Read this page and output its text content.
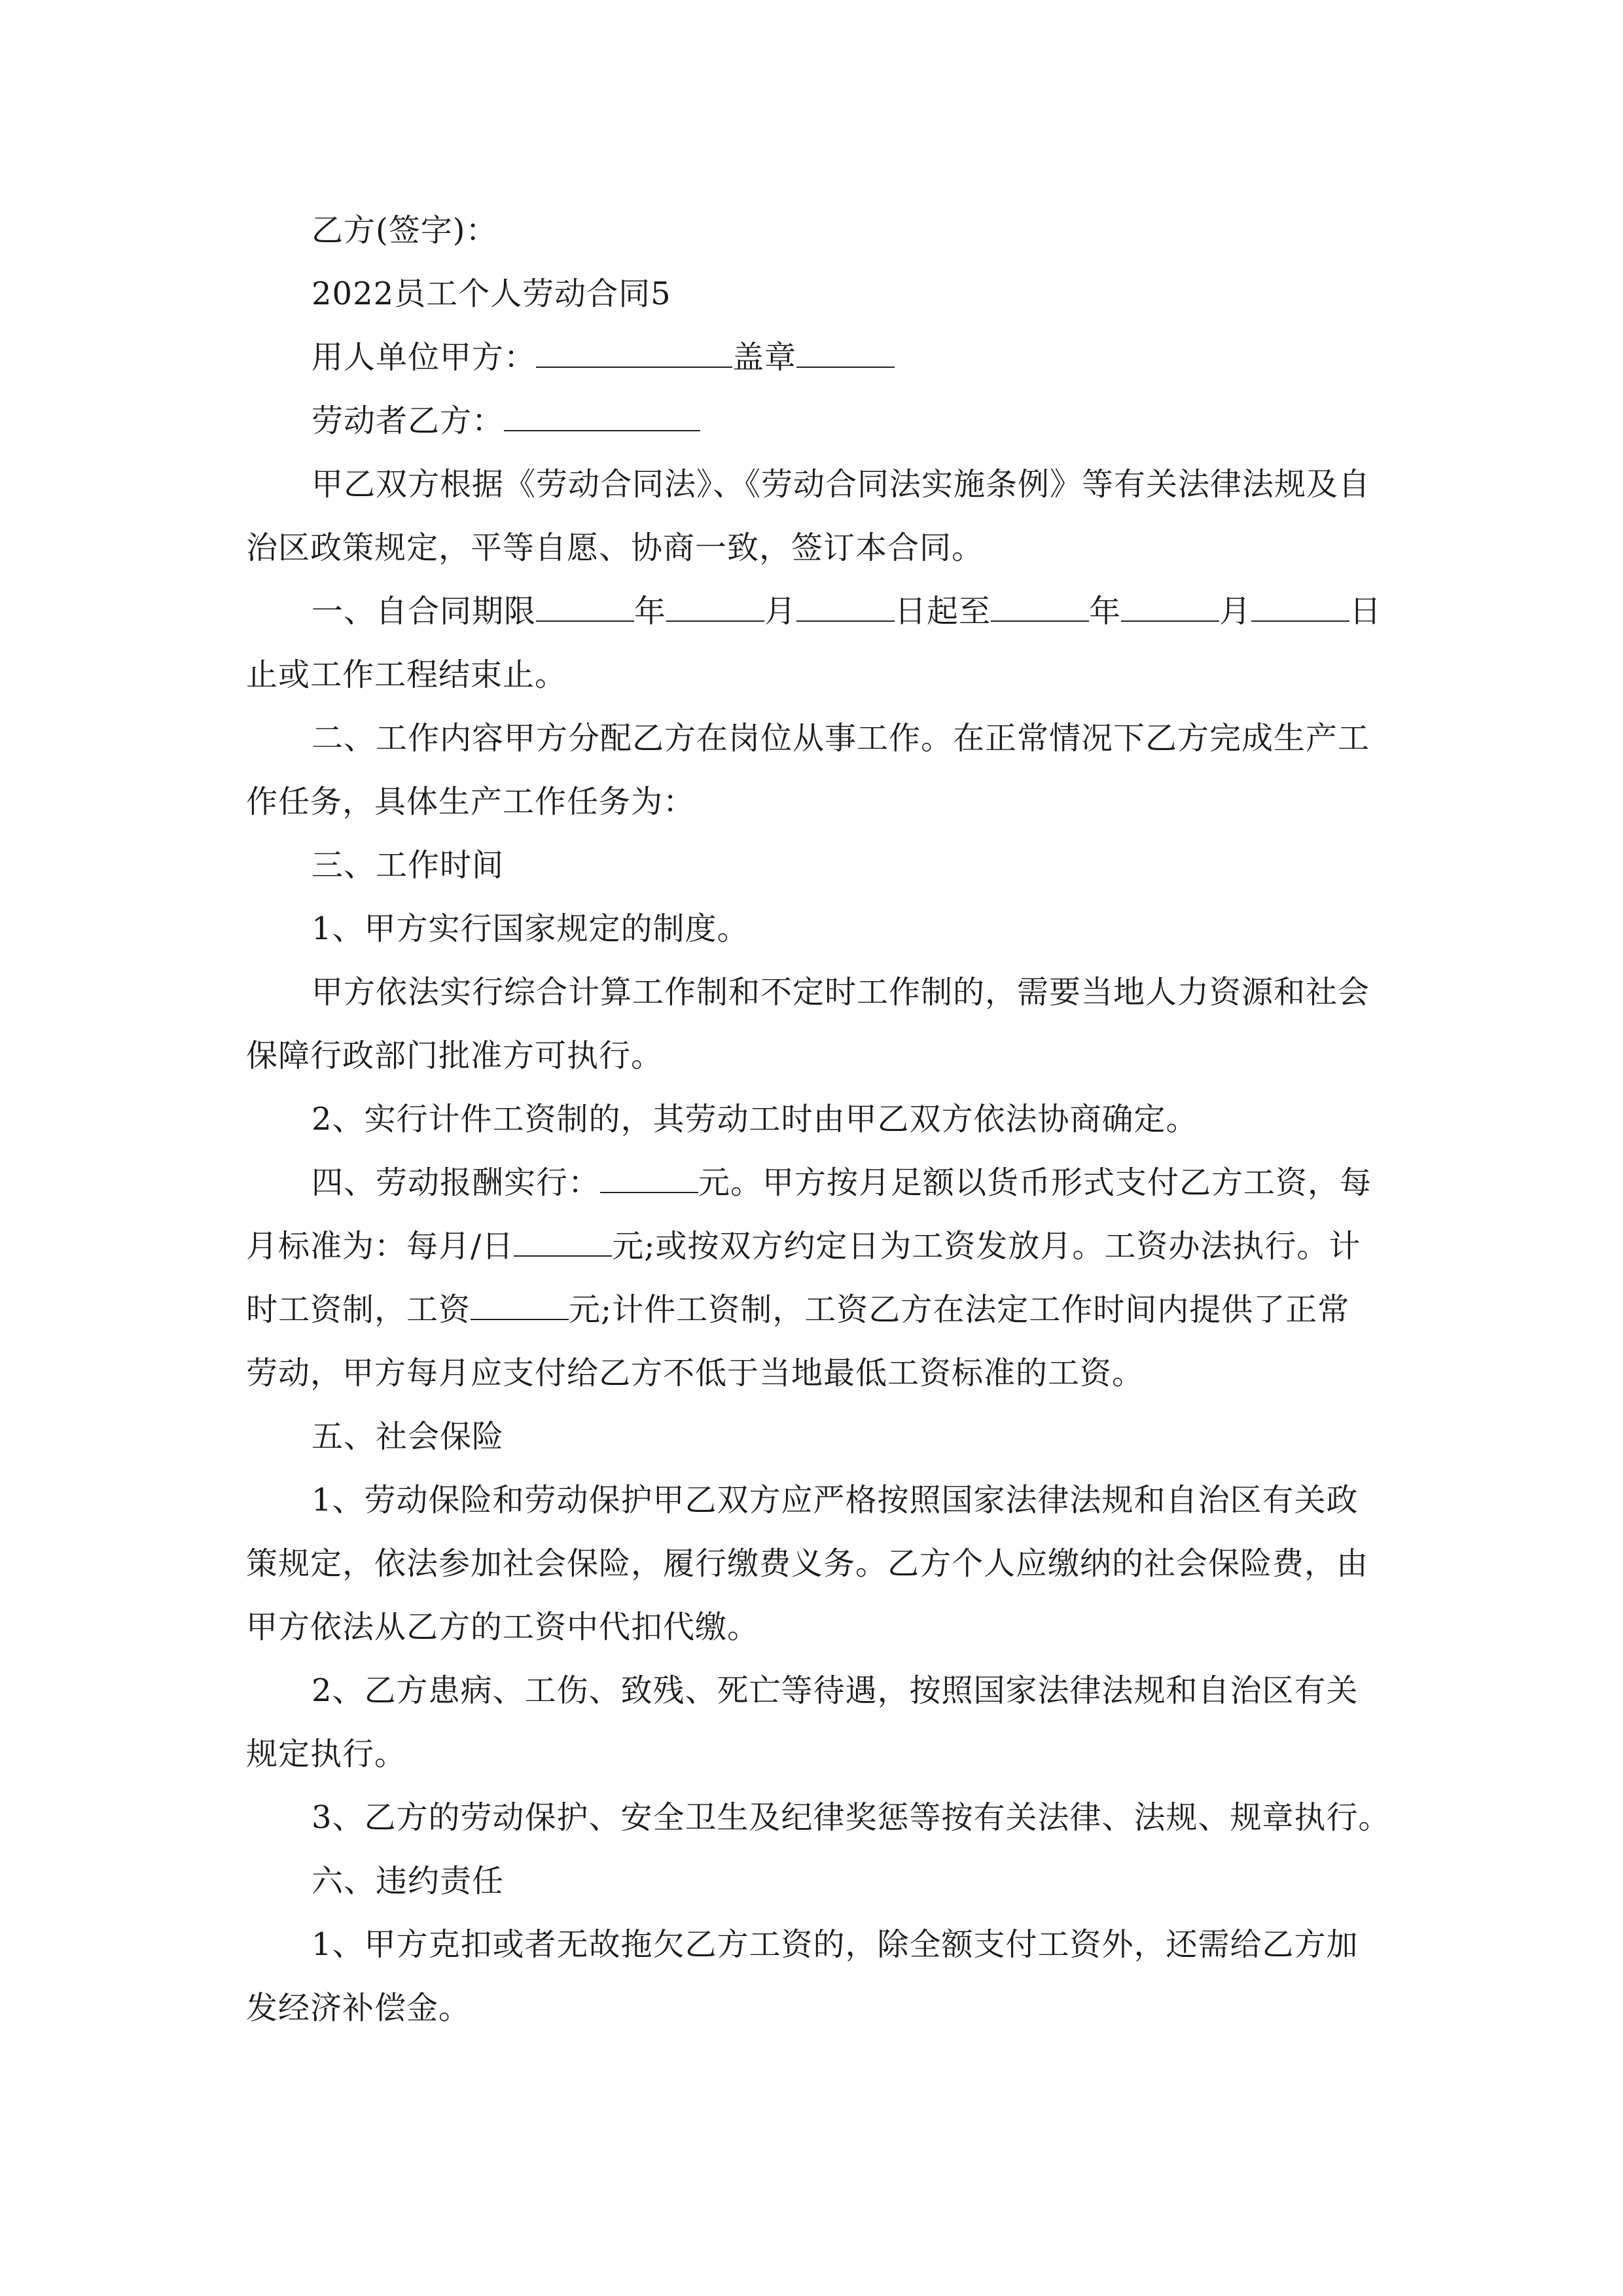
乙方(签字)：
2022员工个人劳动合同5
用人单位甲方：	盖章
劳动者乙方：
甲乙双方根据《劳动合同法》、《劳动合同法实施条例》等有关法律法规及自
治区政策规定，平等自愿、协商一致，签订本合同。
一、自合同期限	年	月	日起至	年	月	日
止或工作工程结束止。
二、工作内容甲方分配乙方在岗位从事工作。在正常情况下乙方完成生产工
作任务，具体生产工作任务为：
三、工作时间
1、甲方实行国家规定的制度。
甲方依法实行综合计算工作制和不定时工作制的，需要当地人力资源和社会
保障行政部门批准方可执行。
2、实行计件工资制的，其劳动工时由甲乙双方依法协商确定。
四、劳动报酬实行：	元。甲方按月足额以货币形式支付乙方工资，每
月标准为：每月/日	元;或按双方约定日为工资发放月。工资办法执行。计
时工资制，工资	元;计件工资制，工资乙方在法定工作时间内提供了正常
劳动，甲方每月应支付给乙方不低于当地最低工资标准的工资。
五、社会保险
1、劳动保险和劳动保护甲乙双方应严格按照国家法律法规和自治区有关政
策规定，依法参加社会保险，履行缴费义务。乙方个人应缴纳的社会保险费，由
甲方依法从乙方的工资中代扣代缴。
2、乙方患病、工伤、致残、死亡等待遇，按照国家法律法规和自治区有关
规定执行。
3、乙方的劳动保护、安全卫生及纪律奖惩等按有关法律、法规、规章执行。
六、违约责任
1、甲方克扣或者无故拖欠乙方工资的，除全额支付工资外，还需给乙方加
发经济补偿金。
